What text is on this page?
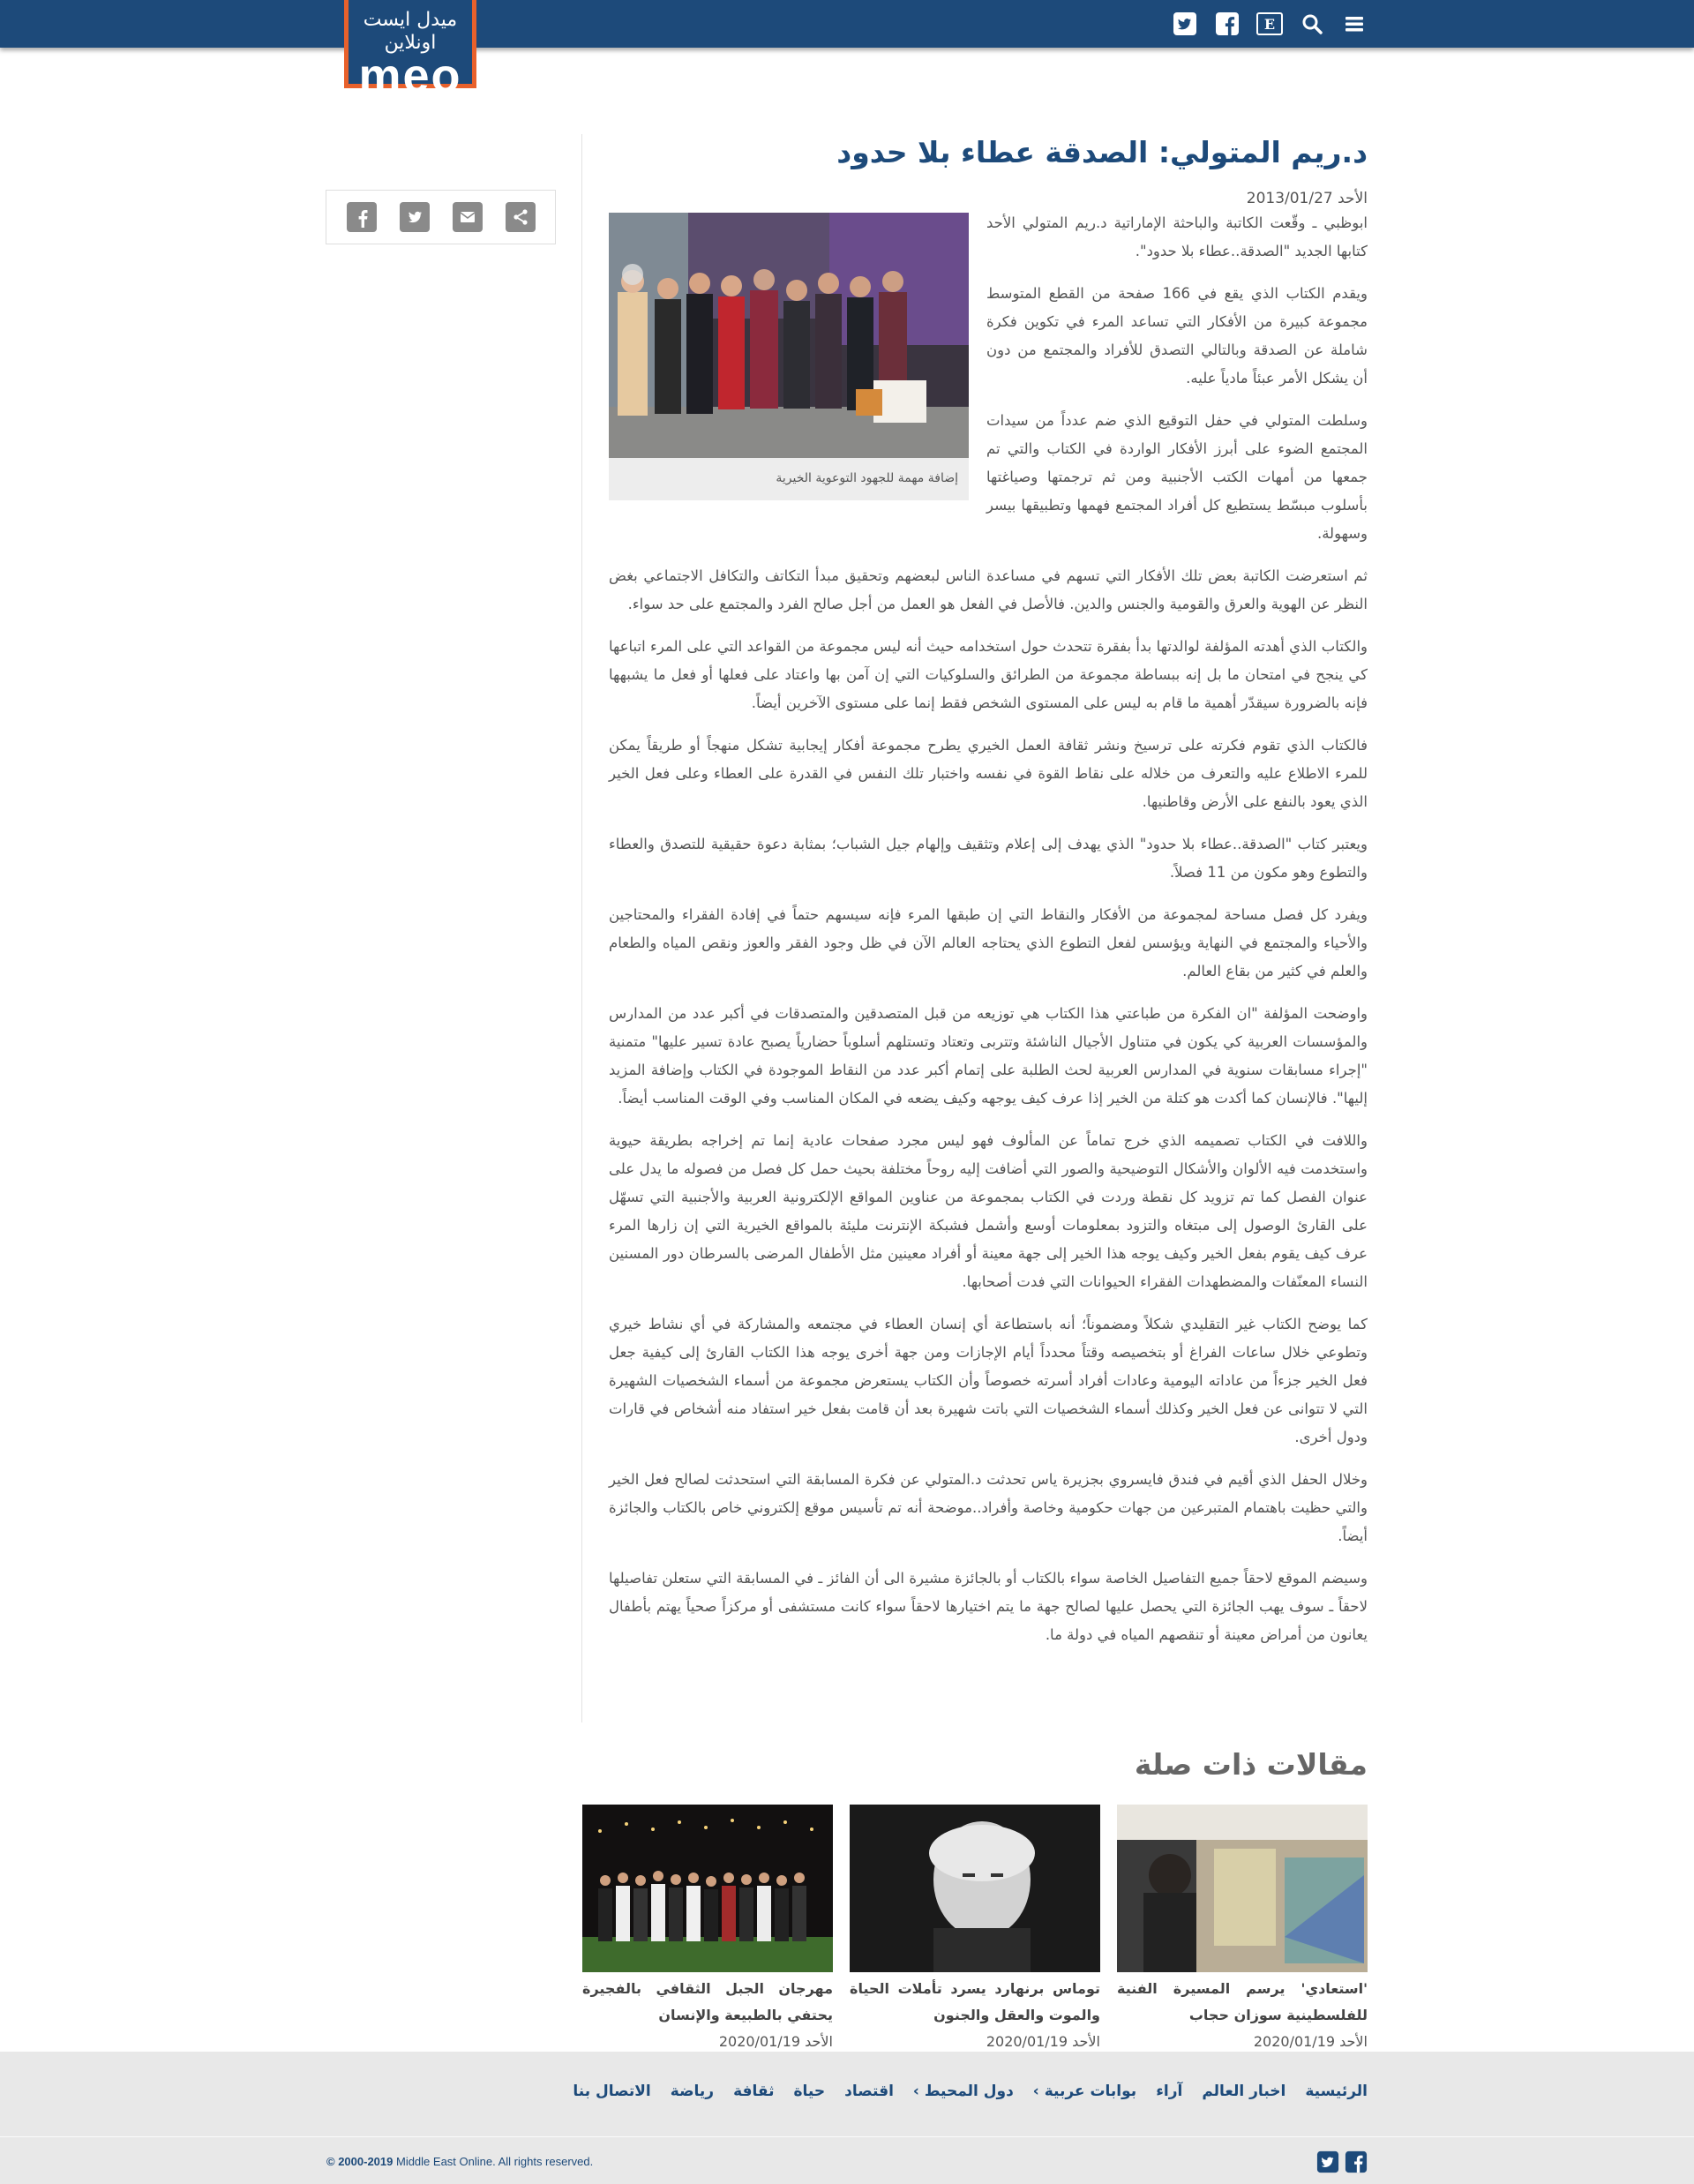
E
ميدل ايست اونلاين
meo
د.ريم المتولي: الصدقة عطاء بلا حدود
الأحد 2013/01/27
إضافة مهمة للجهود التوعوية الخيرية

ابوظبي ـ وقّعت الكاتبة والباحثة الإماراتية د.ريم المتولي الأحد كتابها الجديد "الصدقة..عطاء بلا حدود".

ويقدم الكتاب الذي يقع في 166 صفحة من القطع المتوسط مجموعة كبيرة من الأفكار التي تساعد المرء في تكوين فكرة شاملة عن الصدقة وبالتالي التصدق للأفراد والمجتمع من دون أن يشكل الأمر عبئاً مادياً عليه.

وسلطت المتولي في حفل التوقيع الذي ضم عدداً من سيدات المجتمع الضوء على أبرز الأفكار الواردة في الكتاب والتي تم جمعها من أمهات الكتب الأجنبية ومن ثم ترجمتها وصياغتها بأسلوب مبسّط يستطيع كل أفراد المجتمع فهمها وتطبيقها بيسر وسهولة.

ثم استعرضت الكاتبة بعض تلك الأفكار التي تسهم في مساعدة الناس لبعضهم وتحقيق مبدأ التكاتف والتكافل الاجتماعي بغض النظر عن الهوية والعرق والقومية والجنس والدين. فالأصل في الفعل هو العمل من أجل صالح الفرد والمجتمع على حد سواء.

والكتاب الذي أهدته المؤلفة لوالدتها بدأ بفقرة تتحدث حول استخدامه حيث أنه ليس مجموعة من القواعد التي على المرء اتباعها كي ينجح في امتحان ما بل إنه ببساطة مجموعة من الطرائق والسلوكيات التي إن آمن بها واعتاد على فعلها أو فعل ما يشبهها فإنه بالضرورة سيقدّر أهمية ما قام به ليس على المستوى الشخص فقط إنما على مستوى الآخرين أيضاً.

فالكتاب الذي تقوم فكرته على ترسيخ ونشر ثقافة العمل الخيري يطرح مجموعة أفكار إيجابية تشكل منهجاً أو طريقاً يمكن للمرء الاطلاع عليه والتعرف من خلاله على نقاط القوة في نفسه واختبار تلك النفس في القدرة على العطاء وعلى فعل الخير الذي يعود بالنفع على الأرض وقاطنيها.

ويعتبر كتاب "الصدقة..عطاء بلا حدود" الذي يهدف إلى إعلام وتثقيف وإلهام جيل الشباب؛ بمثابة دعوة حقيقية للتصدق والعطاء والتطوع وهو مكون من 11 فصلاً.

ويفرد كل فصل مساحة لمجموعة من الأفكار والنقاط التي إن طبقها المرء فإنه سيسهم حتماً في إفادة الفقراء والمحتاجين والأحياء والمجتمع في النهاية ويؤسس لفعل التطوع الذي يحتاجه العالم الآن في ظل وجود الفقر والعوز ونقص المياه والطعام والعلم في كثير من بقاع العالم.

واوضحت المؤلفة "ان الفكرة من طباعتي هذا الكتاب هي توزيعه من قبل المتصدقين والمتصدقات في أكبر عدد من المدارس والمؤسسات العربية كي يكون في متناول الأجيال الناشئة وتتربى وتعتاد وتستلهم أسلوباً حضارياً يصبح عادة تسير عليها" متمنية "إجراء مسابقات سنوية في المدارس العربية لحث الطلبة على إتمام أكبر عدد من النقاط الموجودة في الكتاب وإضافة المزيد إليها". فالإنسان كما أكدت هو كتلة من الخير إذا عرف كيف يوجهه وكيف يضعه في المكان المناسب وفي الوقت المناسب أيضاً.

واللافت في الكتاب تصميمه الذي خرج تماماً عن المألوف فهو ليس مجرد صفحات عادية إنما تم إخراجه بطريقة حيوية واستخدمت فيه الألوان والأشكال التوضيحية والصور التي أضافت إليه روحاً مختلفة بحيث حمل كل فصل من فصوله ما يدل على عنوان الفصل كما تم تزويد كل نقطة وردت في الكتاب بمجموعة من عناوين المواقع الإلكترونية العربية والأجنبية التي تسهّل على القارئ الوصول إلى مبتغاه والتزود بمعلومات أوسع وأشمل فشبكة الإنترنت مليئة بالمواقع الخيرية التي إن زارها المرء عرف كيف يقوم بفعل الخير وكيف يوجه هذا الخير إلى جهة معينة أو أفراد معينين مثل الأطفال المرضى بالسرطان دور المسنين النساء المعنّفات والمضطهدات الفقراء الحيوانات التي فدت أصحابها.

كما يوضح الكتاب غير التقليدي شكلاً ومضموناً؛ أنه باستطاعة أي إنسان العطاء في مجتمعه والمشاركة في أي نشاط خيري وتطوعي خلال ساعات الفراغ أو بتخصيصه وقتاً محدداً أيام الإجازات ومن جهة أخرى يوجه هذا الكتاب القارئ إلى كيفية جعل فعل الخير جزءاً من عاداته اليومية وعادات أفراد أسرته خصوصاً وأن الكتاب يستعرض مجموعة من أسماء الشخصيات الشهيرة التي لا تتوانى عن فعل الخير وكذلك أسماء الشخصيات التي باتت شهيرة بعد أن قامت بفعل خير استفاد منه أشخاص في قارات ودول أخرى.

وخلال الحفل الذي أقيم في فندق فايسروي بجزيرة ياس تحدثت د.المتولي عن فكرة المسابقة التي استحدثت لصالح فعل الخير والتي حظيت باهتمام المتبرعين من جهات حكومية وخاصة وأفراد..موضحة أنه تم تأسيس موقع إلكتروني خاص بالكتاب والجائزة أيضاً.

وسيضم الموقع لاحقاً جميع التفاصيل الخاصة سواء بالكتاب أو بالجائزة مشيرة الى أن الفائز ـ في المسابقة التي ستعلن تفاصيلها لاحقاً ـ سوف يهب الجائزة التي يحصل عليها لصالح جهة ما يتم اختيارها لاحقاً سواء كانت مستشفى أو مركزاً صحياً يهتم بأطفال يعانون من أمراض معينة أو تنقصهم المياه في دولة ما.

مقالات ذات صلة
'استعادي' يرسم المسيرة الفنية للفلسطينية سوزان حجاب
الأحد 2020/01/19
توماس برنهارد يسرد تأملات الحياة والموت والعقل والجنون
الأحد 2020/01/19
مهرجان الجبل الثقافي بالفجيرة يحتفي بالطبيعة والإنسان
الأحد 2020/01/19
الرئيسية
اخبار العالم
آراء
بوابات عربية ›
دول المحيط ›
اقتصاد
حياة
ثقافة
رياضة
الاتصال بنا
© 2000-2019 Middle East Online. All rights reserved.
